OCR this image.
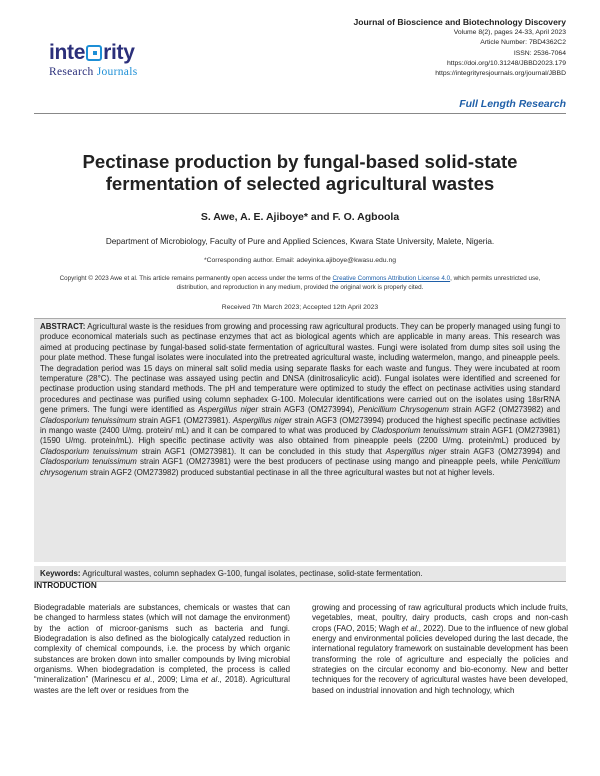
inte rity
Research Journals
Journal of Bioscience and Biotechnology Discovery
Volume 8(2), pages 24-33, April 2023
Article Number: 7BD4362C2
ISSN: 2536-7064
https://doi.org/10.31248/JBBD2023.179
https://integrityresjournals.org/journal/JBBD
Full Length Research
Pectinase production by fungal-based solid-state
fermentation of selected agricultural wastes
S. Awe, A. E. Ajiboye* and F. O. Agboola
Department of Microbiology, Faculty of Pure and Applied Sciences, Kwara State University, Malete, Nigeria.
*Corresponding author. Email: adeyinka.ajiboye@kwasu.edu.ng
Copyright © 2023 Awe et al. This article remains permanently open access under the terms of the Creative Commons Attribution License 4.0, which permits unrestricted use, distribution, and reproduction in any medium, provided the original work is properly cited.
Received 7th March 2023; Accepted 12th April 2023
ABSTRACT: Agricultural waste is the residues from growing and processing raw agricultural products. They can be properly managed using fungi to produce economical materials such as pectinase enzymes that act as biological agents which are applicable in many areas. This research was aimed at producing pectinase by fungal-based solid-state fermentation of agricultural wastes. Fungi were isolated from dump sites soil using the pour plate method. These fungal isolates were inoculated into the pretreated agricultural waste, including watermelon, mango, and pineapple peels. The degradation period was 15 days on mineral salt solid media using separate flasks for each waste and fungus. They were incubated at room temperature (28°C). The pectinase was assayed using pectin and DNSA (dinitrosalicylic acid). Fungal isolates were identified and screened for pectinase production using standard methods. The pH and temperature were optimized to study the effect on pectinase activities using standard procedures and pectinase was purified using column sephadex G-100. Molecular identifications were carried out on the isolates using 18srRNA gene primers. The fungi were identified as Aspergillus niger strain AGF3 (OM273994), Penicillium Chrysogenum strain AGF2 (OM273982) and Cladosporium tenuissimum strain AGF1 (OM273981). Aspergillus niger strain AGF3 (OM273994) produced the highest specific pectinase activities in mango waste (2400 U/mg. protein/ mL) and it can be compared to what was produced by Cladosporium tenuissimum strain AGF1 (OM273981) (1590 U/mg. protein/mL). High specific pectinase activity was also obtained from pineapple peels (2200 U/mg. protein/mL) produced by Cladosporium tenuissimum strain AGF1 (OM273981). It can be concluded in this study that Aspergillus niger strain AGF3 (OM273994) and Cladosporium tenuissimum strain AGF1 (OM273981) were the best producers of pectinase using mango and pineapple peels, while Penicillium chrysogenum strain AGF2 (OM273982) produced substantial pectinase in all the three agricultural wastes but not at higher levels.
Keywords: Agricultural wastes, column sephadex G-100, fungal isolates, pectinase, solid-state fermentation.
INTRODUCTION
Biodegradable materials are substances, chemicals or wastes that can be changed to harmless states (which will not damage the environment) by the action of microor-ganisms such as bacteria and fungi. Biodegradation is also defined as the biologically catalyzed reduction in complexity of chemical compounds, i.e. the process by which organic substances are broken down into smaller compounds by living microbial organisms. When biodegradation is completed, the process is called “mineralization” (Marinescu et al., 2009; Lima et al., 2018). Agricultural wastes are the left over or residues from the
growing and processing of raw agricultural products which include fruits, vegetables, meat, poultry, dairy products, cash crops and non-cash crops (FAO, 2015; Wagh et al., 2022). Due to the influence of new global energy and environmental policies developed during the last decade, the international regulatory framework on sustainable development has been transforming the role of agriculture and especially the policies and strategies on the circular economy and bio-economy. New and better techniques for the recovery of agricultural wastes have been developed, based on industrial innovation and high technology, which
